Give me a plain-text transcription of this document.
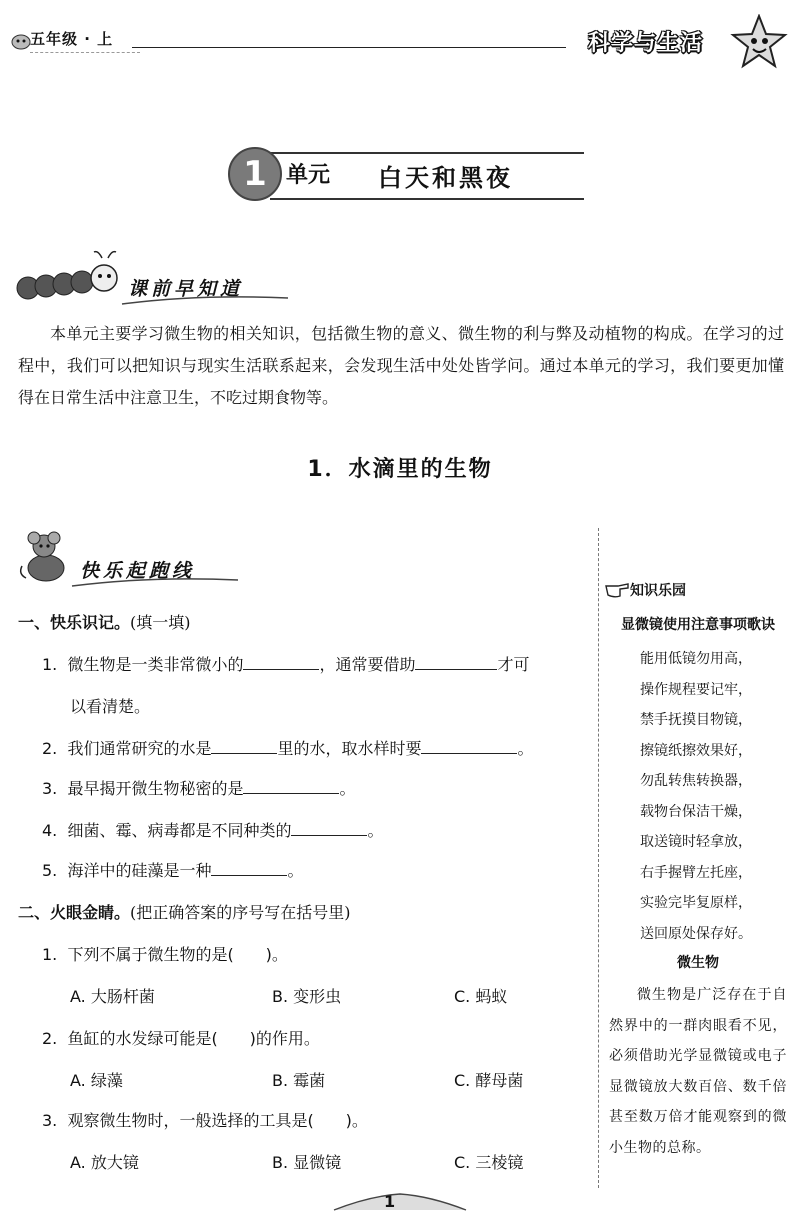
五年级 · 上	科学与生活
1 单元 白天和黑夜
课前早知道
本单元主要学习微生物的相关知识，包括微生物的意义、微生物的利与弊及动植物的构成。在学习的过程中，我们可以把知识与现实生活联系起来，会发现生活中处处皆学问。通过本单元的学习，我们要更加懂得在日常生活中注意卫生，不吃过期食物等。
1．水滴里的生物
快乐起跑线
一、快乐识记。(填一填)
1. 微生物是一类非常微小的	，通常要借助	才可
以看清楚。
2. 我们通常研究的水是	里的水，取水样时要	。
3. 最早揭开微生物秘密的是	。
4. 细菌、霉、病毒都是不同种类的	。
5. 海洋中的硅藻是一种	。
二、火眼金睛。(把正确答案的序号写在括号里)
1. 下列不属于微生物的是(　　)。
A. 大肠杆菌	B. 变形虫	C. 蚂蚁
2. 鱼缸的水发绿可能是(　　)的作用。
A. 绿藻	B. 霉菌	C. 酵母菌
3. 观察微生物时，一般选择的工具是(　　)。
A. 放大镜	B. 显微镜	C. 三棱镜
知识乐园
显微镜使用注意事项歌诀
能用低镜勿用高，
操作规程要记牢，
禁手抚摸目物镜，
擦镜纸擦效果好，
勿乱转焦转换器，
载物台保洁干燥，
取送镜时轻拿放，
右手握臂左托座，
实验完毕复原样，
送回原处保存好。
微生物
微生物是广泛存在于自然界中的一群肉眼看不见，必须借助光学显微镜或电子显微镜放大数百倍、数千倍甚至数万倍才能观察到的微小生物的总称。
1
